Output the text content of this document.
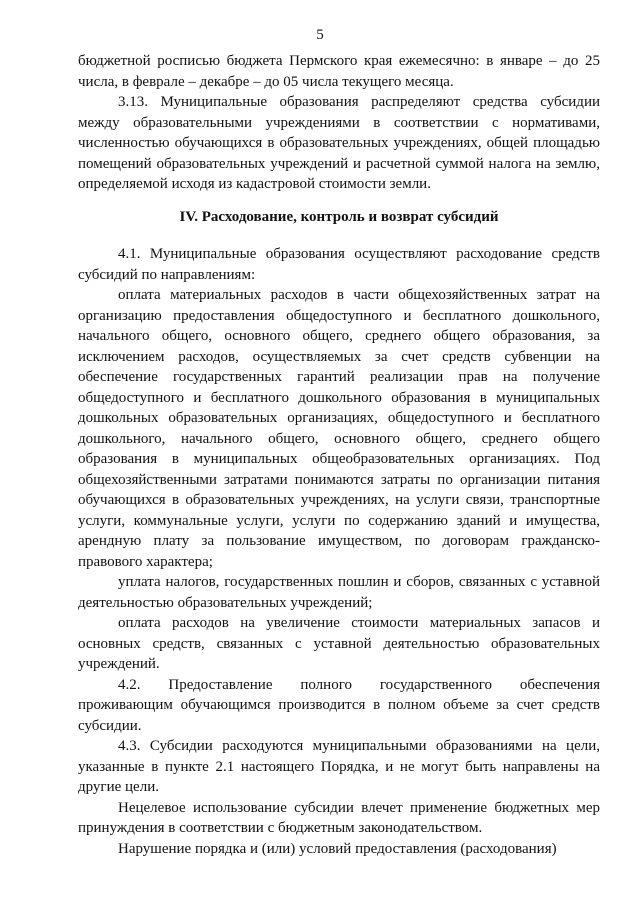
5

бюджетной росписью бюджета Пермского края ежемесячно: в январе – до 25 числа, в феврале – декабре – до 05 числа текущего месяца.

3.13. Муниципальные образования распределяют средства субсидии между образовательными учреждениями в соответствии с нормативами, численностью обучающихся в образовательных учреждениях, общей площадью помещений образовательных учреждений и расчетной суммой налога на землю, определяемой исходя из кадастровой стоимости земли.

IV. Расходование, контроль и возврат субсидий

4.1. Муниципальные образования осуществляют расходование средств субсидий по направлениям:

оплата материальных расходов в части общехозяйственных затрат на организацию предоставления общедоступного и бесплатного дошкольного, начального общего, основного общего, среднего общего образования, за исключением расходов, осуществляемых за счет средств субвенции на обеспечение государственных гарантий реализации прав на получение общедоступного и бесплатного дошкольного образования в муниципальных дошкольных образовательных организациях, общедоступного и бесплатного дошкольного, начального общего, основного общего, среднего общего образования в муниципальных общеобразовательных организациях. Под общехозяйственными затратами понимаются затраты по организации питания обучающихся в образовательных учреждениях, на услуги связи, транспортные услуги, коммунальные услуги, услуги по содержанию зданий и имущества, арендную плату за пользование имуществом, по договорам гражданско-правового характера;

уплата налогов, государственных пошлин и сборов, связанных с уставной деятельностью образовательных учреждений;

оплата расходов на увеличение стоимости материальных запасов и основных средств, связанных с уставной деятельностью образовательных учреждений.

4.2. Предоставление полного государственного обеспечения проживающим обучающимся производится в полном объеме за счет средств субсидии.

4.3. Субсидии расходуются муниципальными образованиями на цели, указанные в пункте 2.1 настоящего Порядка, и не могут быть направлены на другие цели.

Нецелевое использование субсидии влечет применение бюджетных мер принуждения в соответствии с бюджетным законодательством.

Нарушение порядка и (или) условий предоставления (расходования)
